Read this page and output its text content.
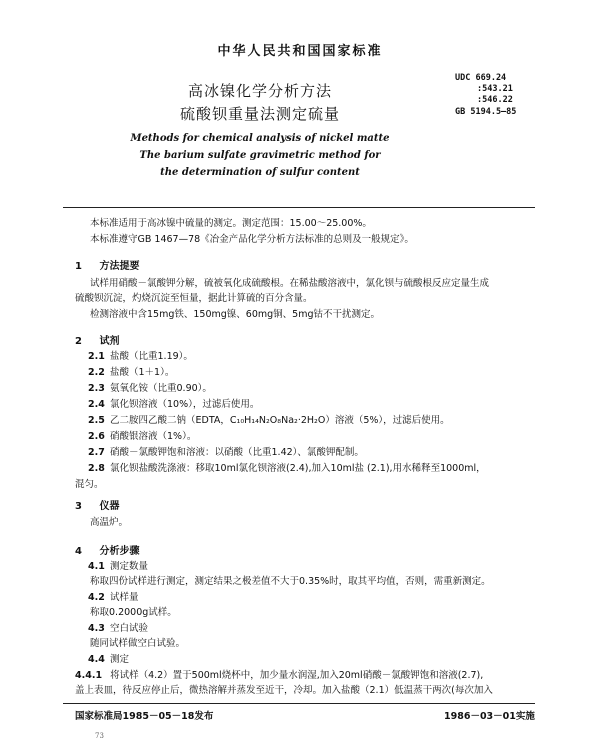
中华人民共和国国家标准
UDC 669.24
:543.21
:546.22
GB 5194.5—85
高冰镍化学分析方法
硫酸钡重量法测定硫量
Methods for chemical analysis of nickel matte
The barium sulfate gravimetric method for
the determination of sulfur content
本标准适用于高冰镍中硫量的测定。测定范围：15.00～25.00%。
本标准遵守GB 1467—78《冶金产品化学分析方法标准的总则及一般规定》。
1 方法提要
试样用硝酸－氯酸钾分解，硫被氧化成硫酸根。在稀盐酸溶液中，氯化钡与硫酸根反应定量生成
硫酸钡沉淀，灼烧沉淀至恒量，据此计算硫的百分含量。
检测溶液中含15mg铁、150mg镍、60mg铜、5mg钴不干扰测定。
2 试剂
2.1 盐酸（比重1.19）。
2.2 盐酸（1＋1）。
2.3 氨氧化铵（比重0.90）。
2.4 氯化钡溶液（10%），过滤后使用。
2.5 乙二胺四乙酸二钠（EDTA，C₁₀H₁₄N₂O₈Na₂·2H₂O）溶液（5%），过滤后使用。
2.6 硝酸银溶液（1%）。
2.7 硝酸－氯酸钾饱和溶液：以硝酸（比重1.42）、氯酸钾配制。
2.8 氯化钡盐酸洗涤液：移取10ml氯化钡溶液(2.4),加入10ml盐 (2.1),用水稀释至1000ml，
混匀。
3 仪器
高温炉。
4 分析步骤
4.1 测定数量
称取四份试样进行测定，测定结果之极差值不大于0.35%时，取其平均值，否则，需重新测定。
4.2 试样量
称取0.2000g试样。
4.3 空白试验
随同试样做空白试验。
4.4 测定
4.4.1 将试样（4.2）置于500ml烧杯中，加少量水润湿,加入20ml硝酸－氯酸钾饱和溶液(2.7),
盖上表皿，待反应停止后，微热溶解并蒸发至近干，冷却。加入盐酸（2.1）低温蒸干两次(每次加入
国家标准局1985－05－18发布	1986－03－01实施
73
